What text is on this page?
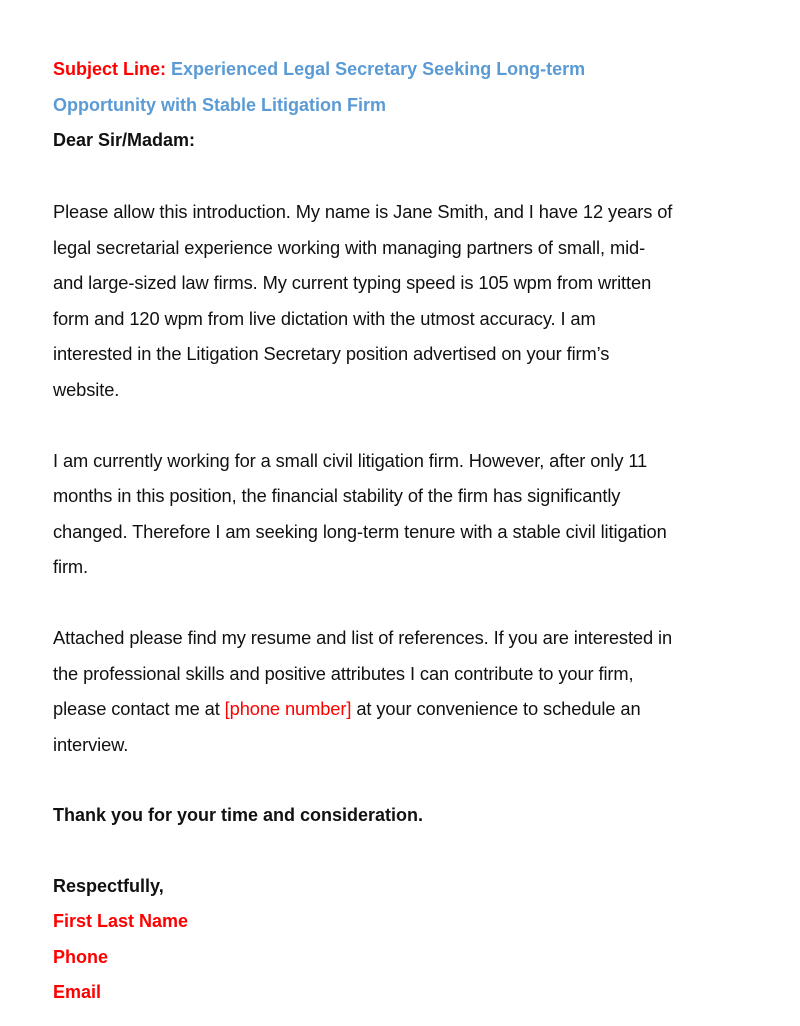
Subject Line: Experienced Legal Secretary Seeking Long-term
Opportunity with Stable Litigation Firm
Dear Sir/Madam:
Please allow this introduction. My name is Jane Smith, and I have 12 years of
legal secretarial experience working with managing partners of small, mid-
and large-sized law firms. My current typing speed is 105 wpm from written
form and 120 wpm from live dictation with the utmost accuracy. I am
interested in the Litigation Secretary position advertised on your firm’s
website.
I am currently working for a small civil litigation firm. However, after only 11
months in this position, the financial stability of the firm has significantly
changed. Therefore I am seeking long-term tenure with a stable civil litigation
firm.
Attached please find my resume and list of references. If you are interested in
the professional skills and positive attributes I can contribute to your firm,
please contact me at [phone number] at your convenience to schedule an
interview.
Thank you for your time and consideration.
Respectfully,
First Last Name
Phone
Email
